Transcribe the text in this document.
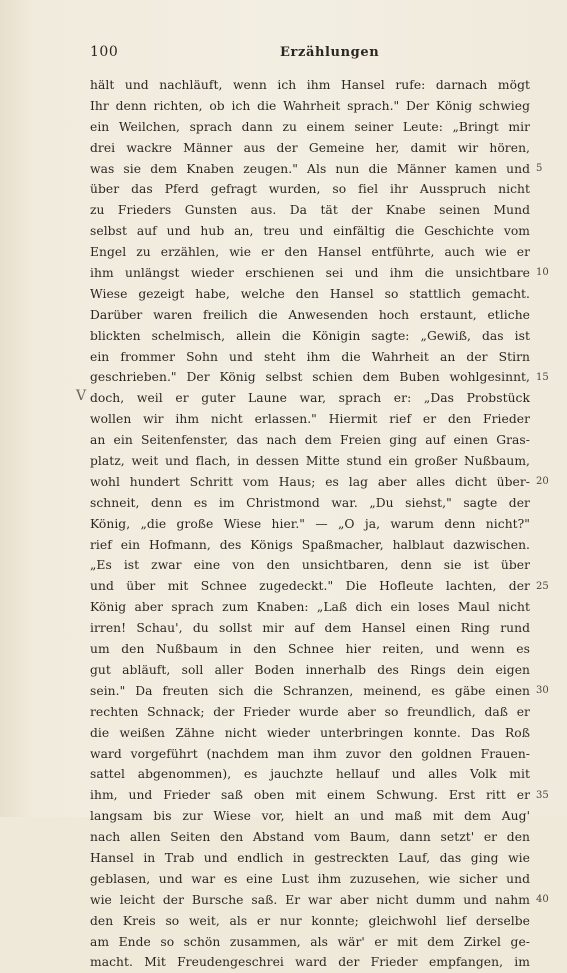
100	Erzählungen
V
hält und nachläuft, wenn ich ihm Hansel rufe: darnach mögt
Ihr denn richten, ob ich die Wahrheit sprach." Der König schwieg
ein Weilchen, sprach dann zu einem seiner Leute: „Bringt mir
drei wackre Männer aus der Gemeine her, damit wir hören,
was sie dem Knaben zeugen." Als nun die Männer kamen und
über das Pferd gefragt wurden, so fiel ihr Ausspruch nicht
zu Frieders Gunsten aus. Da tät der Knabe seinen Mund
selbst auf und hub an, treu und einfältig die Geschichte vom
Engel zu erzählen, wie er den Hansel entführte, auch wie er
ihm unlängst wieder erschienen sei und ihm die unsichtbare
Wiese gezeigt habe, welche den Hansel so stattlich gemacht.
Darüber waren freilich die Anwesenden hoch erstaunt, etliche
blickten schelmisch, allein die Königin sagte: „Gewiß, das ist
ein frommer Sohn und steht ihm die Wahrheit an der Stirn
geschrieben." Der König selbst schien dem Buben wohlgesinnt,
doch, weil er guter Laune war, sprach er: „Das Probstück
wollen wir ihm nicht erlassen." Hiermit rief er den Frieder
an ein Seitenfenster, das nach dem Freien ging auf einen Gras-
platz, weit und flach, in dessen Mitte stund ein großer Nußbaum,
wohl hundert Schritt vom Haus; es lag aber alles dicht über-
schneit, denn es im Christmond war. „Du siehst," sagte der
König, „die große Wiese hier." — „O ja, warum denn nicht?"
rief ein Hofmann, des Königs Spaßmacher, halblaut dazwischen.
„Es ist zwar eine von den unsichtbaren, denn sie ist über
und über mit Schnee zugedeckt." Die Hofleute lachten, der
König aber sprach zum Knaben: „Laß dich ein loses Maul nicht
irren! Schau', du sollst mir auf dem Hansel einen Ring rund
um den Nußbaum in den Schnee hier reiten, und wenn es
gut abläuft, soll aller Boden innerhalb des Rings dein eigen
sein." Da freuten sich die Schranzen, meinend, es gäbe einen
rechten Schnack; der Frieder wurde aber so freundlich, daß er
die weißen Zähne nicht wieder unterbringen konnte. Das Roß
ward vorgeführt (nachdem man ihm zuvor den goldnen Frauen-
sattel abgenommen), es jauchzte hellauf und alles Volk mit
ihm, und Frieder saß oben mit einem Schwung. Erst ritt er
langsam bis zur Wiese vor, hielt an und maß mit dem Aug'
nach allen Seiten den Abstand vom Baum, dann setzt' er den
Hansel in Trab und endlich in gestreckten Lauf, das ging wie
geblasen, und war es eine Lust ihm zuzusehen, wie sicher und
wie leicht der Bursche saß. Er war aber nicht dumm und nahm
den Kreis so weit, als er nur konnte; gleichwohl lief derselbe
am Ende so schön zusammen, als wär' er mit dem Zirkel ge-
macht. Mit Freudengeschrei ward der Frieder empfangen, im
5
10
15
20
25
30
35
40
